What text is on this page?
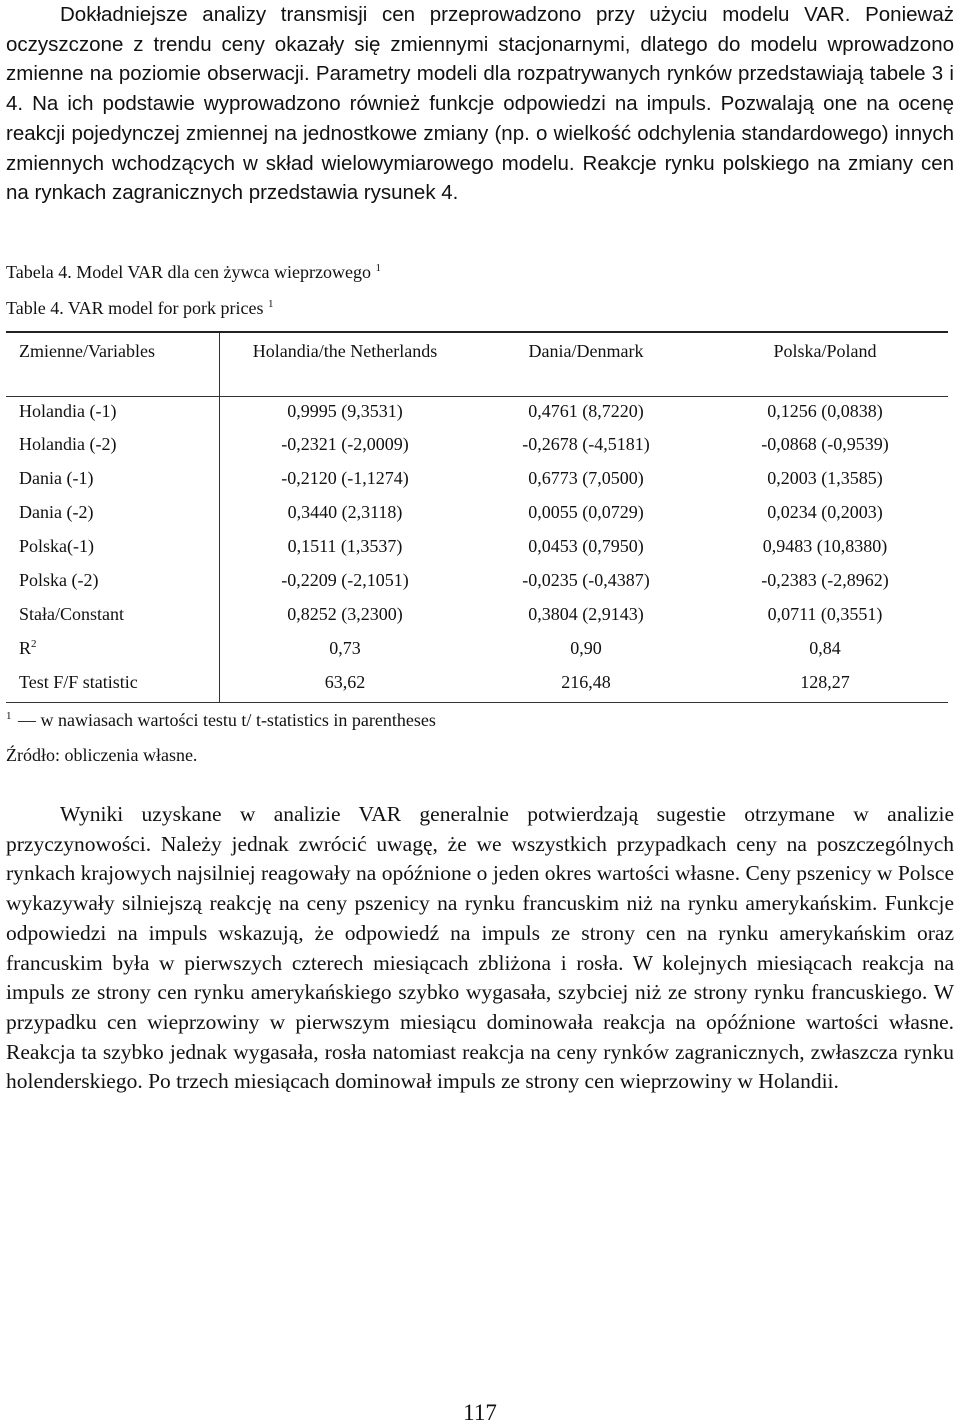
Dokładniejsze analizy transmisji cen przeprowadzono przy użyciu modelu VAR. Ponieważ oczyszczone z trendu ceny okazały się zmiennymi stacjonarnymi, dlatego do modelu wprowadzono zmienne na poziomie obserwacji. Parametry modeli dla rozpatrywanych rynków przedstawiają tabele 3 i 4. Na ich podstawie wyprowadzono również funkcje odpowiedzi na impuls. Pozwalają one na ocenę reakcji pojedynczej zmiennej na jednostkowe zmiany (np. o wielkość odchylenia standardowego) innych zmiennych wchodzących w skład wielowymiarowego modelu. Reakcje rynku polskiego na zmiany cen na rynkach zagranicznych przedstawia rysunek 4.

Tabela 4. Model VAR dla cen żywca wieprzowego $^1$

Table 4. VAR model for pork prices $^1$

Zmienne/Variables	Holandia/the Netherlands	Dania/Denmark	Polska/Poland
Holandia (-1)	0,9995 (9,3531)	0,4761 (8,7220)	0,1256 (0,0838)
Holandia (-2)	-0,2321 (-2,0009)	-0,2678 (-4,5181)	-0,0868 (-0,9539)
Dania (-1)	-0,2120 (-1,1274)	0,6773 (7,0500)	0,2003 (1,3585)
Dania (-2)	0,3440 (2,3118)	0,0055 (0,0729)	0,0234 (0,2003)
Polska(-1)	0,1511 (1,3537)	0,0453 (0,7950)	0,9483 (10,8380)
Polska (-2)	-0,2209 (-2,1051)	-0,0235 (-0,4387)	-0,2383 (-2,8962)
Stała/Constant	0,8252 (3,2300)	0,3804 (2,9143)	0,0711 (0,3551)
$R^2$	0,73	0,90	0,84
Test F/F statistic	63,62	216,48	128,27

$^1$ — w nawiasach wartości testu t/ t-statistics in parentheses

Źródło: obliczenia własne.

Wyniki uzyskane w analizie VAR generalnie potwierdzają sugestie otrzymane w analizie przyczynowości. Należy jednak zwrócić uwagę, że we wszystkich przypadkach ceny na poszczególnych rynkach krajowych najsilniej reagowały na opóźnione o jeden okres wartości własne. Ceny pszenicy w Polsce wykazywały silniejszą reakcję na ceny pszenicy na rynku francuskim niż na rynku amerykańskim. Funkcje odpowiedzi na impuls wskazują, że odpowiedź na impuls ze strony cen na rynku amerykańskim oraz francuskim była w pierwszych czterech miesiącach zbliżona i rosła. W kolejnych miesiącach reakcja na impuls ze strony cen rynku amerykańskiego szybko wygasała, szybciej niż ze strony rynku francuskiego. W przypadku cen wieprzowiny w pierwszym miesiącu dominowała reakcja na opóźnione wartości własne. Reakcja ta szybko jednak wygasała, rosła natomiast reakcja na ceny rynków zagranicznych, zwłaszcza rynku holenderskiego. Po trzech miesiącach dominował impuls ze strony cen wieprzowiny w Holandii.

117
